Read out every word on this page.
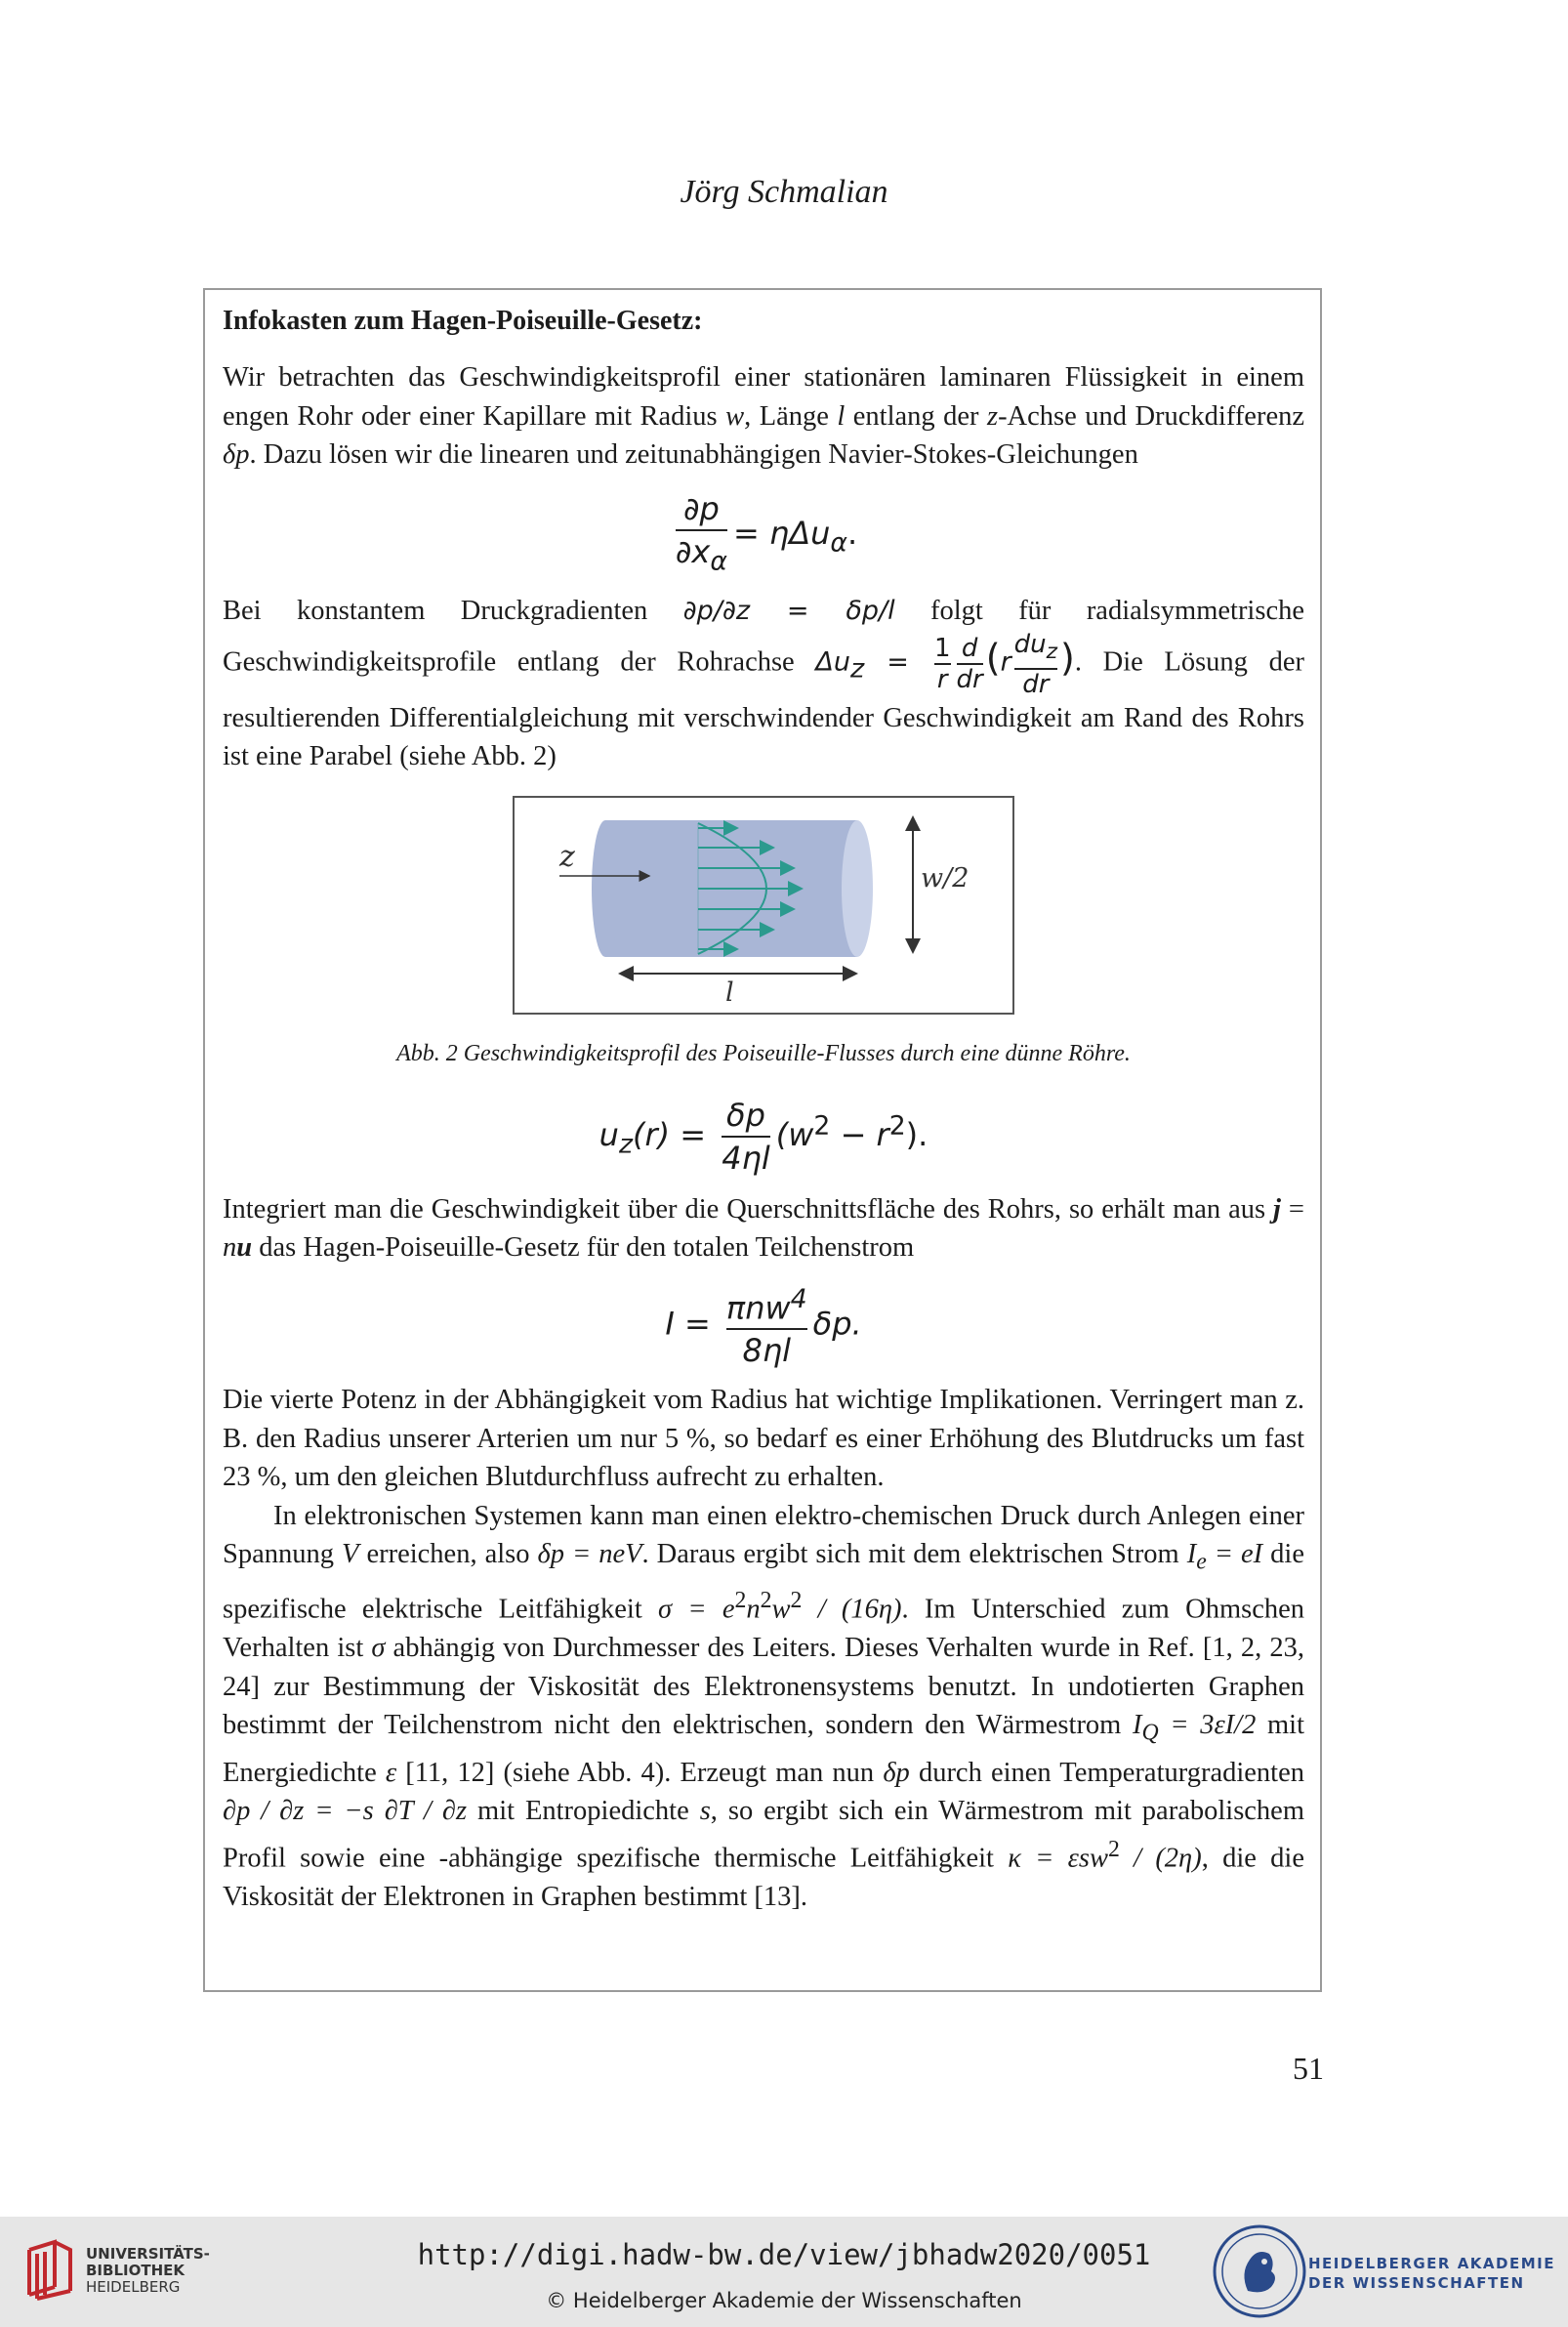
Jörg Schmalian
Infokasten zum Hagen-Poiseuille-Gesetz:

Wir betrachten das Geschwindigkeitsprofil einer stationären laminaren Flüssigkeit in einem engen Rohr oder einer Kapillare mit Radius w, Länge l entlang der z-Achse und Druckdifferenz δp. Dazu lösen wir die linearen und zeitunabhängigen Navier-Stokes-Gleichungen

$\frac{\partial p}{\partial x_\alpha} = \eta\Delta u_\alpha$.

Bei konstantem Druckgradienten ∂p/∂z = δp/l folgt für radialsymmetrische Geschwindigkeitsprofile entlang der Rohrachse $\Delta u_z = \frac{1}{r} \frac{d}{dr} (r$
$du_z$
dr
). Die Lösung der resultierenden Differentialgleichung mit verschwindender Geschwindigkeit am Rand des Rohrs ist eine Parabel (siehe Abb. 2)

z
w/2
l
Abb. 2 Geschwindigkeitsprofil des Poiseuille-Flusses durch eine dünne Röhre.
$u_z(r) = \frac{\delta p}{4\eta l} (w^2 - r^2)$.

Integriert man die Geschwindigkeit über die Querschnittsfläche des Rohrs, so erhält man aus j = nu das Hagen-Poiseuille-Gesetz für den totalen Teilchenstrom

$I = \frac{\pi nw^4}{8\eta l} \delta p$.

Die vierte Potenz in der Abhängigkeit vom Radius hat wichtige Implikationen. Verringert man z. B. den Radius unserer Arterien um nur 5 %, so bedarf es einer Erhöhung des Blutdrucks um fast 23 %, um den gleichen Blutdurchfluss aufrecht zu erhalten.

In elektronischen Systemen kann man einen elektro-chemischen Druck durch Anlegen einer Spannung V erreichen, also δp = neV. Daraus ergibt sich mit dem elektrischen Strom $I_e$ = eI die spezifische elektrische Leitfähigkeit $\sigma = e^2n^2w^2 / (16\eta)$. Im Unterschied zum Ohmschen Verhalten ist σ abhängig von Durchmesser des Leiters. Dieses Verhalten wurde in Ref. [1, 2, 23, 24] zur Bestimmung der Viskosität des Elektronensystems benutzt. In undotierten Graphen bestimmt der Teilchenstrom nicht den elektrischen, sondern den Wärmestrom $I_Q = 3\varepsilon I/2$ mit Energiedichte ε [11, 12] (siehe Abb. 4). Erzeugt man nun δp durch einen Temperaturgradienten ∂p / ∂z = −s ∂T / ∂z mit Entropiedichte s, so ergibt sich ein Wärmestrom mit parabolischem Profil sowie eine -abhängige spezifische thermische Leitfähigkeit κ = εsw$^2$ / (2η), die die Viskosität der Elektronen in Graphen bestimmt [13].

51
UNIVERSITÄTS-
BIBLIOTHEK
HEIDELBERG
http://digi.hadw-bw.de/view/jbhadw2020/0051
© Heidelberger Akademie der Wissenschaften
HEIDELBERGER AKADEMIE
DER WISSENSCHAFTEN
